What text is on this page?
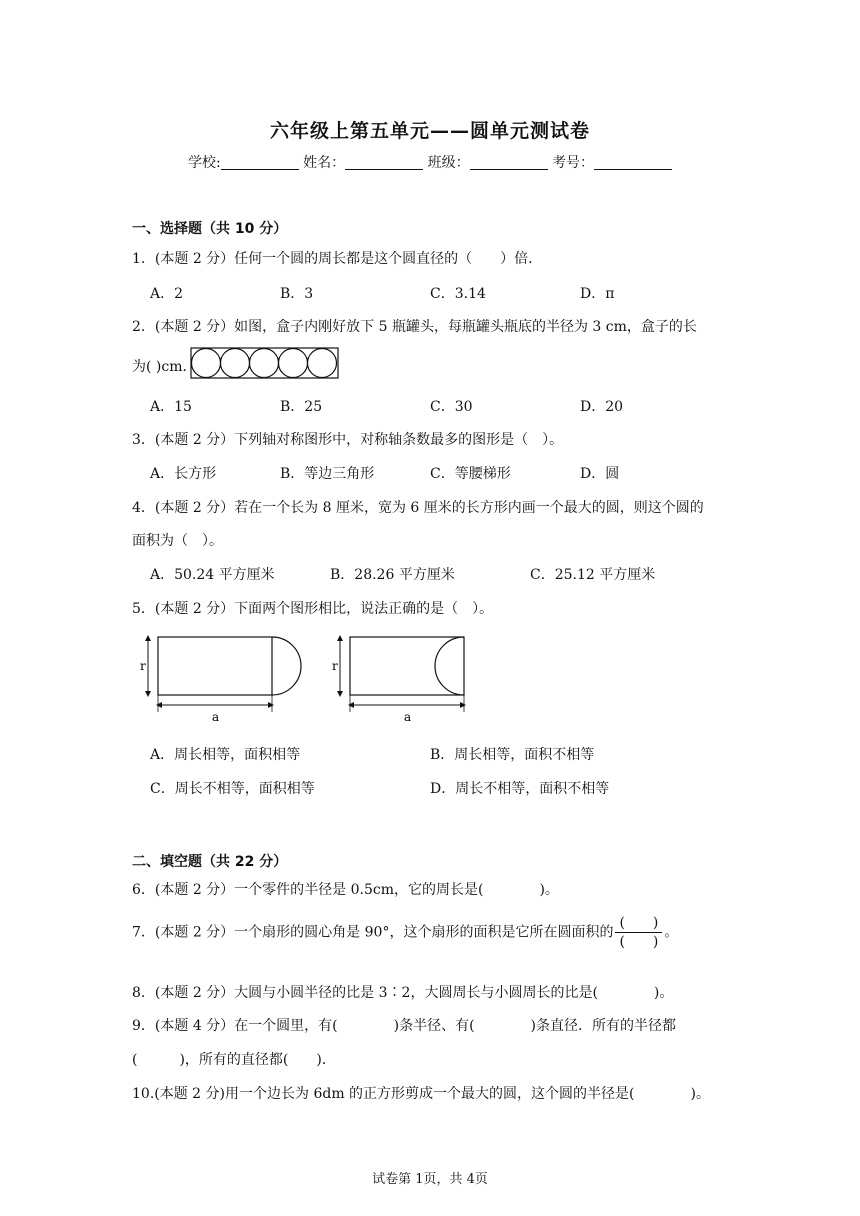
六年级上第五单元——圆单元测试卷
学校:	姓名：	班级：	考号：
一、选择题（共 10 分）
1．(本题 2 分）任何一个圆的周长都是这个圆直径的（　　）倍．
A．2	B．3	C．3.14	D．π
2．(本题 2 分）如图，盒子内刚好放下 5 瓶罐头，每瓶罐头瓶底的半径为 3 cm，盒子的长
为( )cm．
A．15	B．25	C．30	D．20
3．(本题 2 分）下列轴对称图形中，对称轴条数最多的图形是（　）。
A．长方形	B．等边三角形	C．等腰梯形	D．圆
4．(本题 2 分）若在一个长为 8 厘米，宽为 6 厘米的长方形内画一个最大的圆，则这个圆的
面积为（　）。
A．50.24 平方厘米	B．28.26 平方厘米	C．25.12 平方厘米
5．(本题 2 分）下面两个图形相比，说法正确的是（　）。
r
a
r
a
A．周长相等，面积相等	B．周长相等，面积不相等
C．周长不相等，面积相等	D．周长不相等，面积不相等
二、填空题（共 22 分）
6．(本题 2 分）一个零件的半径是 0.5cm，它的周长是(　　　　)。
7．(本题 2 分）一个扇形的圆心角是 90°，这个扇形的面积是它所在圆面积的 $\frac{( )}{( )}$ 。
8．(本题 2 分）大圆与小圆半径的比是 3∶2，大圆周长与小圆周长的比是(　　　　)。
9．(本题 4 分）在一个圆里，有(　　　　)条半径、有(　　　　)条直径．所有的半径都
(　　　)，所有的直径都(　　)．
10.(本题 2 分)用一个边长为 6dm 的正方形剪成一个最大的圆，这个圆的半径是(　　　　)。
试卷第 1页，共 4页
